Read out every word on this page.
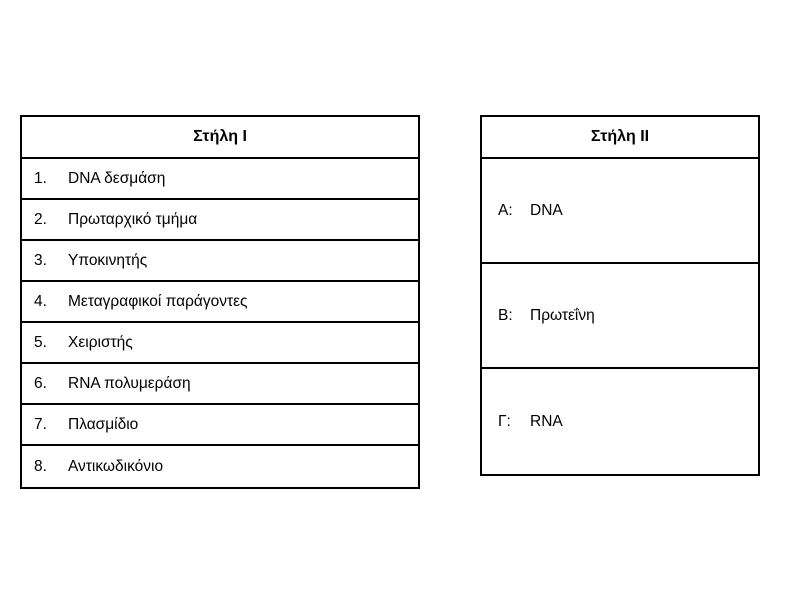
Στήλη Ι
1.	DNA δεσμάση
2.	Πρωταρχικό τμήμα
3.	Υποκινητής
4.	Μεταγραφικοί παράγοντες
5.	Χειριστής
6.	RNA πολυμεράση
7.	Πλασμίδιο
8.	Αντικωδικόνιο
Στήλη ΙΙ
Α:	DNA
Β:	Πρωτεΐνη
Γ:	RNA
